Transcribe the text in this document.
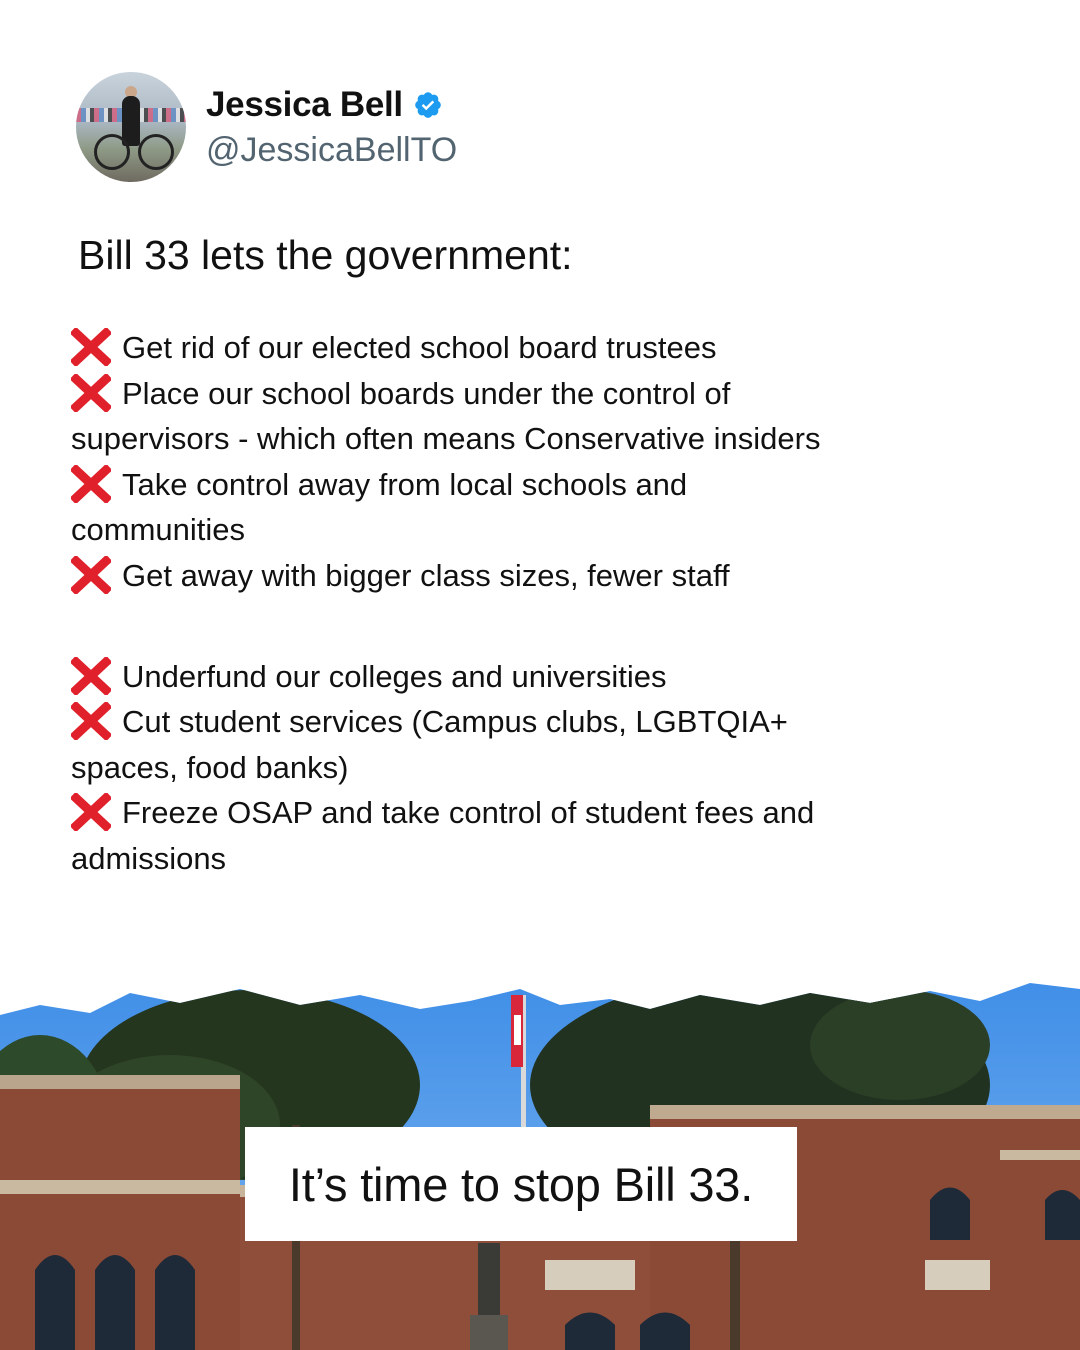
Jessica Bell
@JessicaBellTO
Bill 33 lets the government:
Get rid of our elected school board trustees
Place our school boards under the control of supervisors - which often means Conservative insiders
Take control away from local schools and communities
Get away with bigger class sizes, fewer staff
Underfund our colleges and universities
Cut student services (Campus clubs, LGBTQIA+ spaces, food banks)
Freeze OSAP and take control of student fees and admissions
It’s time to stop Bill 33.
